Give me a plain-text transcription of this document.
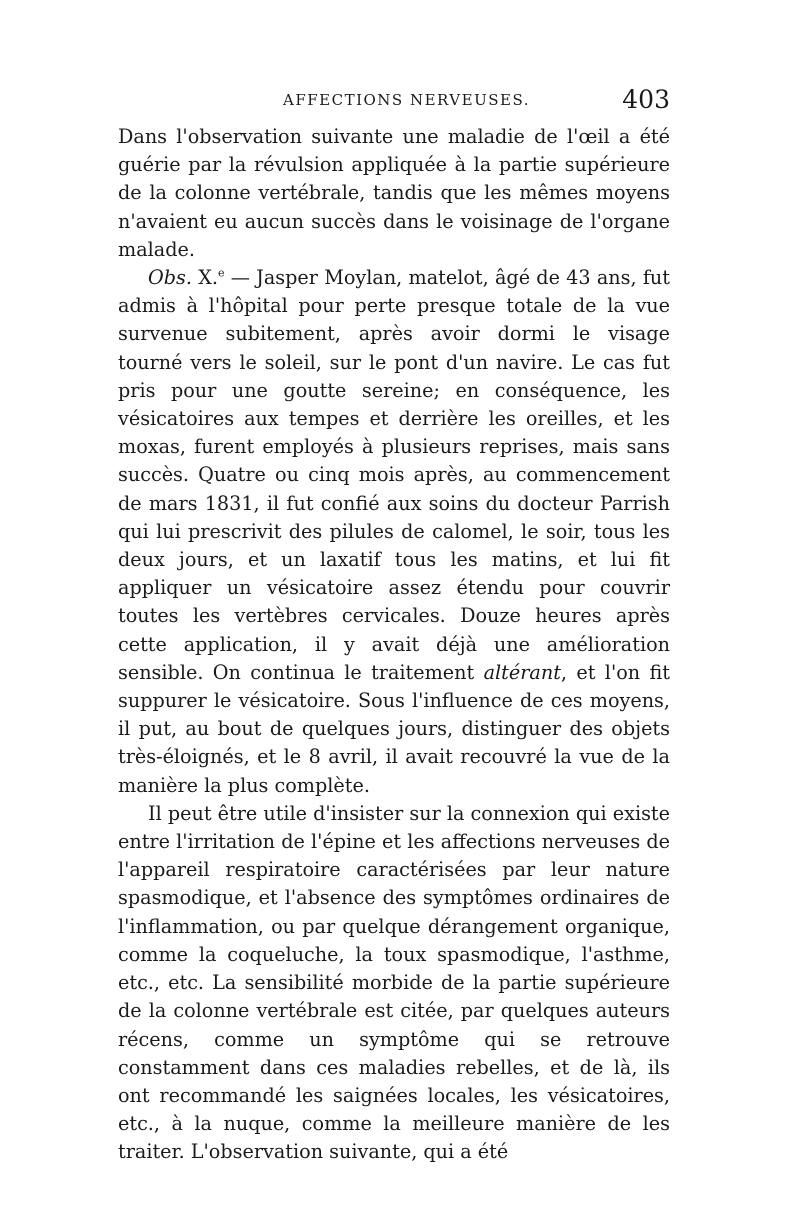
AFFECTIONS NERVEUSES.	403

Dans l'observation suivante une maladie de l'œil a été guérie par la révulsion appliquée à la partie supérieure de la colonne vertébrale, tandis que les mêmes moyens n'avaient eu aucun succès dans le voisinage de l'organe malade.

Obs. X.$^e$ — Jasper Moylan, matelot, âgé de 43 ans, fut admis à l'hôpital pour perte presque totale de la vue survenue subitement, après avoir dormi le visage tourné vers le soleil, sur le pont d'un navire. Le cas fut pris pour une goutte sereine; en conséquence, les vésicatoires aux tempes et derrière les oreilles, et les moxas, furent employés à plusieurs reprises, mais sans succès. Quatre ou cinq mois après, au commencement de mars 1831, il fut confié aux soins du docteur Parrish qui lui prescrivit des pilules de calomel, le soir, tous les deux jours, et un laxatif tous les matins, et lui fit appliquer un vésicatoire assez étendu pour couvrir toutes les vertèbres cervicales. Douze heures après cette application, il y avait déjà une amélioration sensible. On continua le traitement altérant, et l'on fit suppurer le vésicatoire. Sous l'influence de ces moyens, il put, au bout de quelques jours, distinguer des objets très-éloignés, et le 8 avril, il avait recouvré la vue de la manière la plus complète.

Il peut être utile d'insister sur la connexion qui existe entre l'irritation de l'épine et les affections nerveuses de l'appareil respiratoire caractérisées par leur nature spasmodique, et l'absence des symptômes ordinaires de l'inflammation, ou par quelque dérangement organique, comme la coqueluche, la toux spasmodique, l'asthme, etc., etc. La sensibilité morbide de la partie supérieure de la colonne vertébrale est citée, par quelques auteurs récens, comme un symptôme qui se retrouve constamment dans ces maladies rebelles, et de là, ils ont recommandé les saignées locales, les vésicatoires, etc., à la nuque, comme la meilleure manière de les traiter. L'observation suivante, qui a été
